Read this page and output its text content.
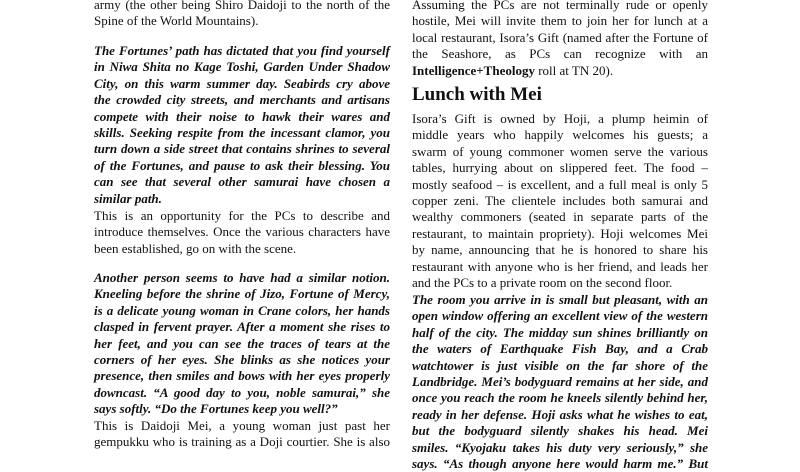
army (the other being Shiro Daidoji to the north of the
Spine of the World Mountains).
The Fortunes’ path has dictated that you find yourself
in Niwa Shita no Kage Toshi, Garden Under Shadow
City, on this warm summer day. Seabirds cry above
the crowded city streets, and merchants and artisans
compete with their noise to hawk their wares and
skills. Seeking respite from the incessant clamor, you
turn down a side street that contains shrines to several
of the Fortunes, and pause to ask their blessing. You
can see that several other samurai have chosen a
similar path.
This is an opportunity for the PCs to describe and
introduce themselves. Once the various characters have
been established, go on with the scene.
Another person seems to have had a similar notion.
Kneeling before the shrine of Jizo, Fortune of Mercy,
is a delicate young woman in Crane colors, her hands
clasped in fervent prayer. After a moment she rises to
her feet, and you can see the traces of tears at the
corners of her eyes. She blinks as she notices your
presence, then smiles and bows with her eyes properly
downcast. “A good day to you, noble samurai,” she
says softly. “Do the Fortunes keep you well?”
This is Daidoji Mei, a young woman just past her
gempukku who is training as a Doji courtier. She is also
Assuming the PCs are not terminally rude or openly
hostile, Mei will invite them to join her for lunch at a
local restaurant, Isora’s Gift (named after the Fortune of
the Seashore, as PCs can recognize with an
Isora’s Gift is owned by Hoji, a plump heimin of
middle years who happily welcomes his guests; a
swarm of young commoner women serve the various
tables, hurrying about on slippered feet. The food –
mostly seafood – is excellent, and a full meal is only 5
copper zeni. The clientele includes both samurai and
wealthy commoners (seated in separate parts of the
restaurant, to maintain propriety). Hoji welcomes Mei
by name, announcing that he is honored to share his
restaurant with anyone who is her friend, and leads her
and the PCs to a private room on the second floor.
The room you arrive in is small but pleasant, with an
open window offering an excellent view of the western
half of the city. The midday sun shines brilliantly on
the waters of Earthquake Fish Bay, and a Crab
watchtower is just visible on the far shore of the
Landbridge. Mei’s bodyguard remains at her side, and
once you reach the room he kneels silently behind her,
ready in her defense. Hoji asks what he wishes to eat,
but the bodyguard silently shakes his head. Mei
smiles. “Kyojaku takes his duty very seriously,” she
says. “As though anyone here would harm me.” But
Intelligence+Theology roll at TN 20).
Lunch with Mei
